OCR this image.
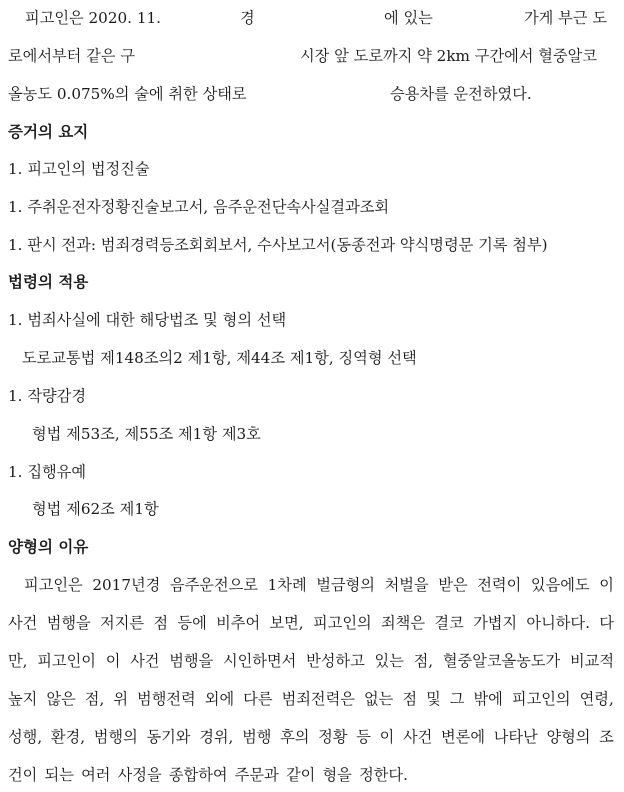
피고인은 2020. 11.	경	에 있는	가게 부근 도
로에서부터 같은 구	시장 앞 도로까지 약 2km 구간에서 혈중알코
올농도 0.075%의 술에 취한 상태로	승용차를 운전하였다.
증거의 요지
1. 피고인의 법정진술
1. 주취운전자정황진술보고서, 음주운전단속사실결과조회
1. 판시 전과: 범죄경력등조회회보서, 수사보고서(동종전과 약식명령문 기록 첨부)
법령의 적용
1. 범죄사실에 대한 해당법조 및 형의 선택
도로교통법 제148조의2 제1항, 제44조 제1항, 징역형 선택
1. 작량감경
형법 제53조, 제55조 제1항 제3호
1. 집행유예
형법 제62조 제1항
양형의 이유
피고인은 2017년경 음주운전으로 1차례 벌금형의 처벌을 받은 전력이 있음에도 이
사건 범행을 저지른 점 등에 비추어 보면, 피고인의 죄책은 결코 가볍지 아니하다. 다
만, 피고인이 이 사건 범행을 시인하면서 반성하고 있는 점, 혈중알코올농도가 비교적
높지 않은 점, 위 범행전력 외에 다른 범죄전력은 없는 점 및 그 밖에 피고인의 연령,
성행, 환경, 범행의 동기와 경위, 범행 후의 정황 등 이 사건 변론에 나타난 양형의 조
건이 되는 여러 사정을 종합하여 주문과 같이 형을 정한다.
